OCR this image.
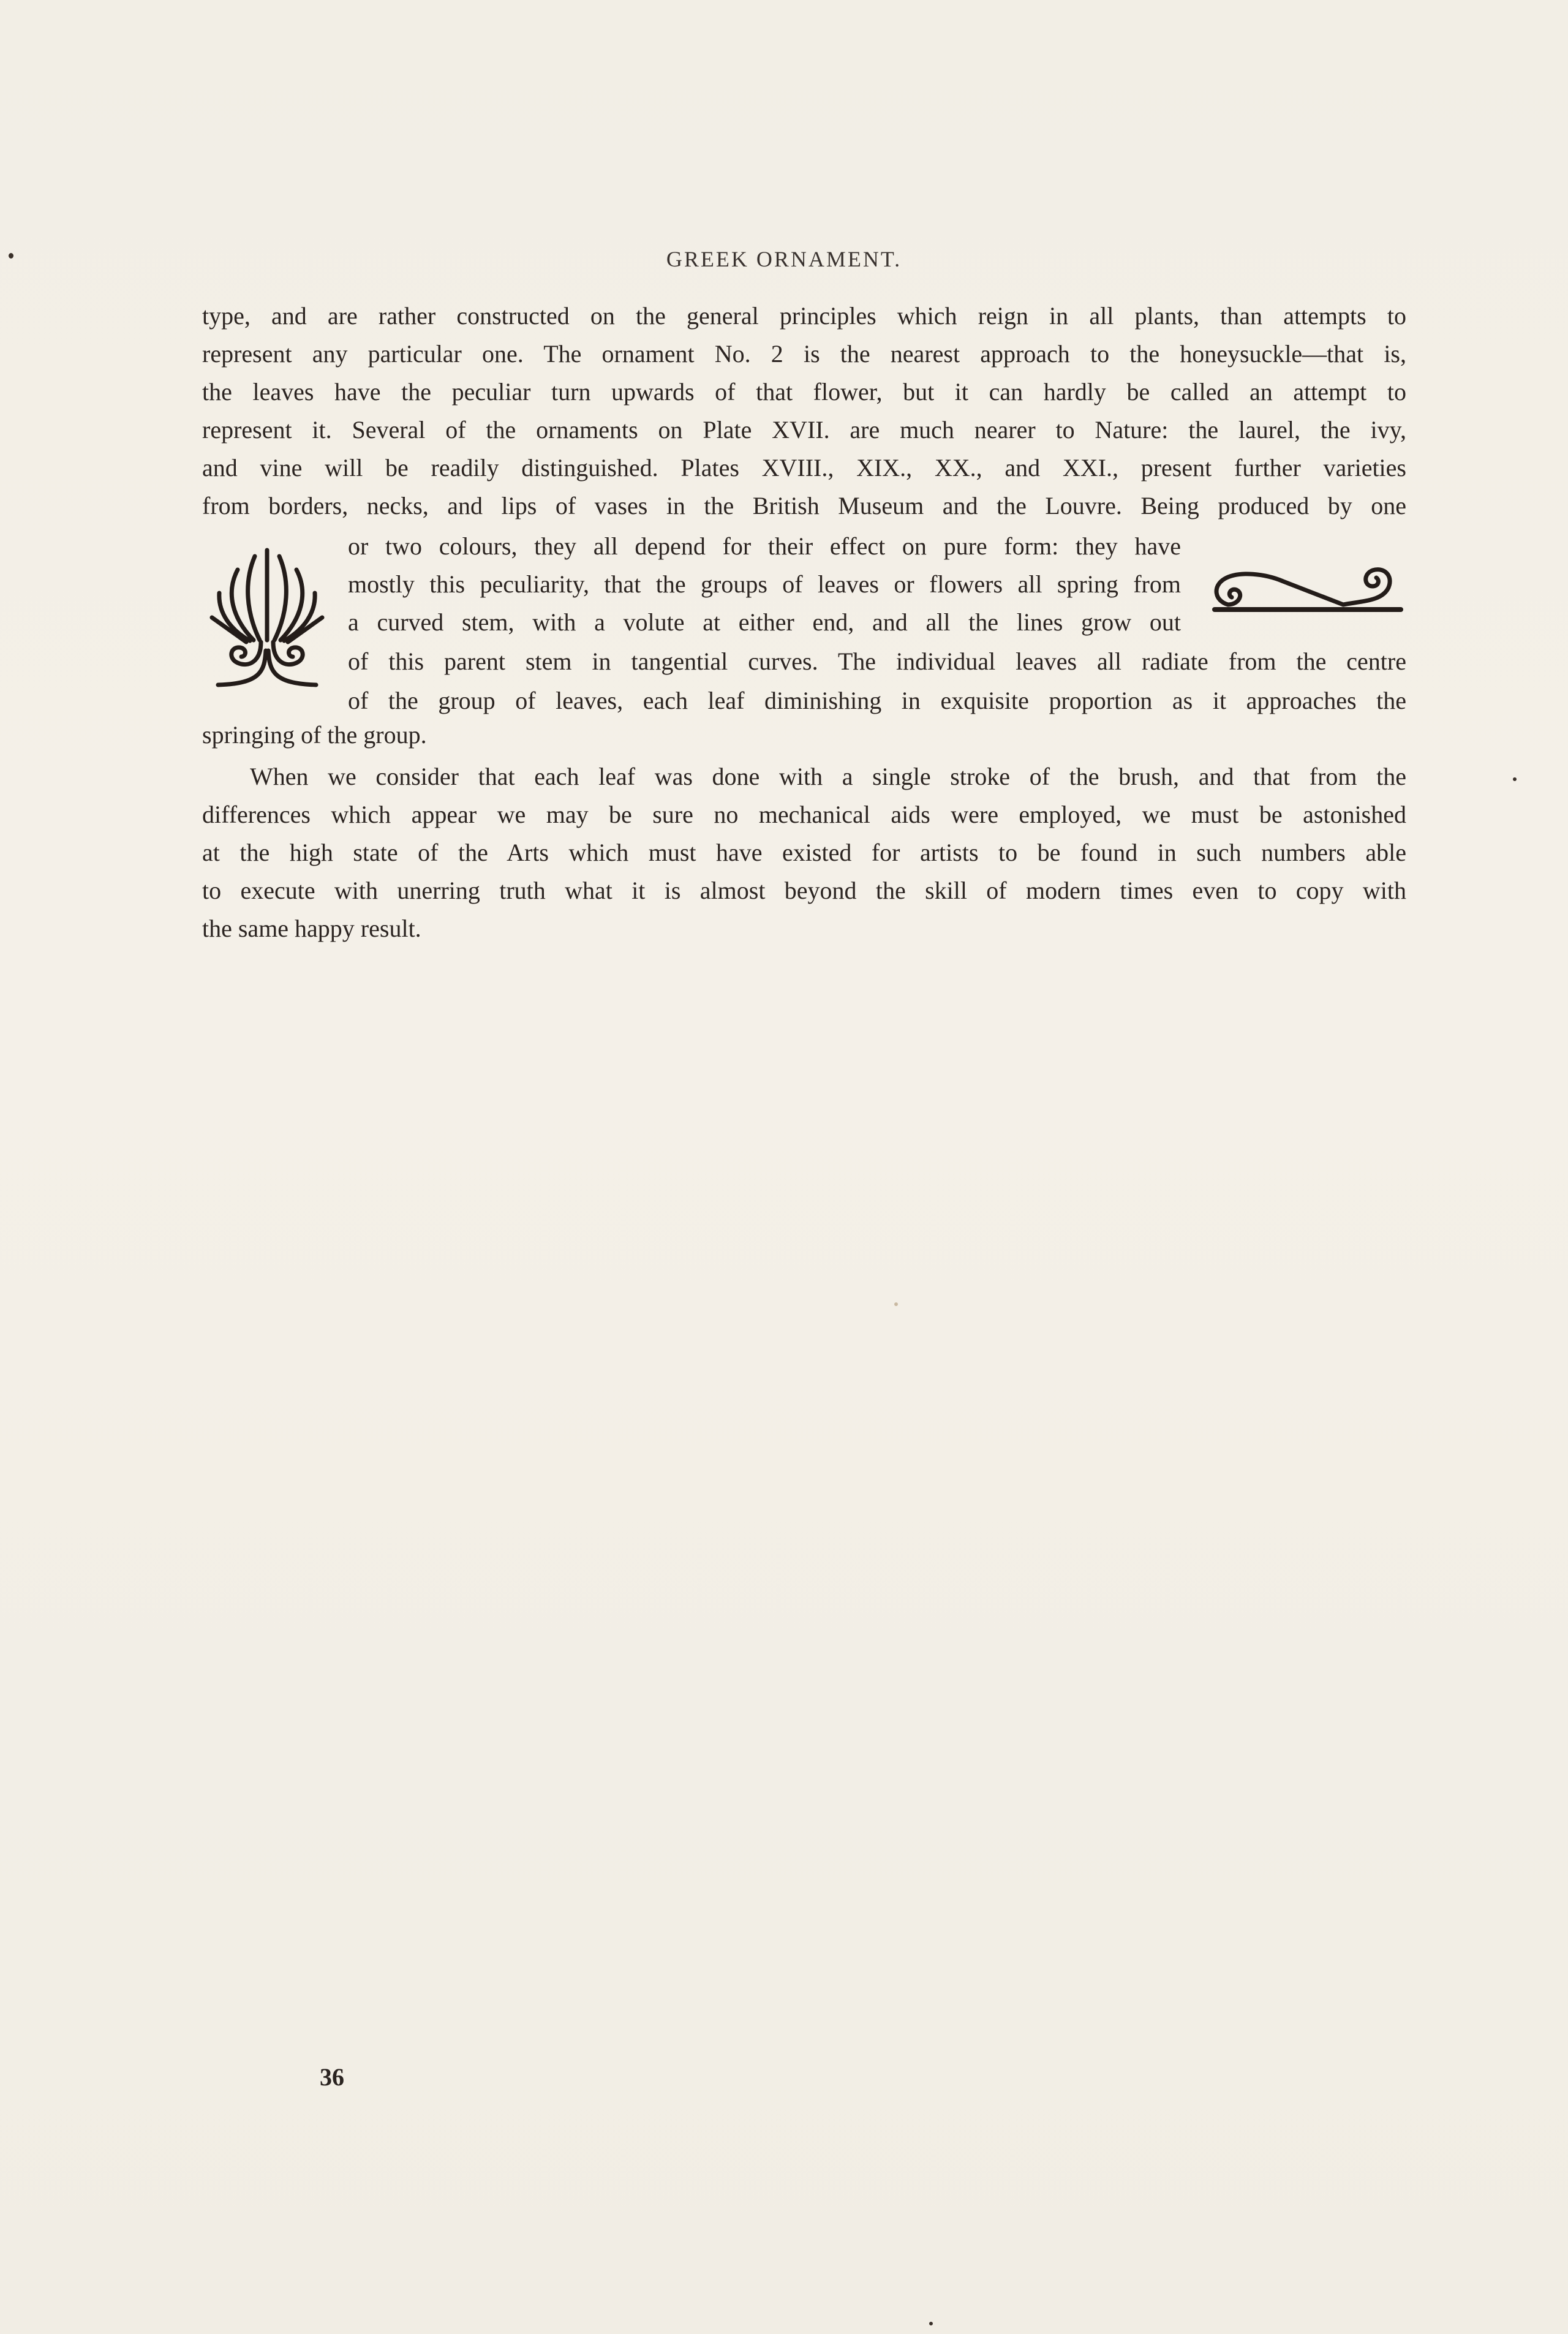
GREEK ORNAMENT.
type, and are rather constructed on the general principles which reign in all plants, than attempts to
represent any particular one. The ornament No. 2 is the nearest approach to the honeysuckle—that is,
the leaves have the peculiar turn upwards of that flower, but it can hardly be called an attempt to
represent it. Several of the ornaments on Plate XVII. are much nearer to Nature: the laurel, the ivy,
and vine will be readily distinguished. Plates XVIII., XIX., XX., and XXI., present further varieties
from borders, necks, and lips of vases in the British Museum and the Louvre. Being produced by one
or two colours, they all depend for their effect on pure form: they have
mostly this peculiarity, that the groups of leaves or flowers all spring from
a curved stem, with a volute at either end, and all the lines grow out
of this parent stem in tangential curves. The individual leaves all radiate from the centre
of the group of leaves, each leaf diminishing in exquisite proportion as it approaches the
springing of the group.
When we consider that each leaf was done with a single stroke of the brush, and that from the
differences which appear we may be sure no mechanical aids were employed, we must be astonished
at the high state of the Arts which must have existed for artists to be found in such numbers able
to execute with unerring truth what it is almost beyond the skill of modern times even to copy with
the same happy result.
36
